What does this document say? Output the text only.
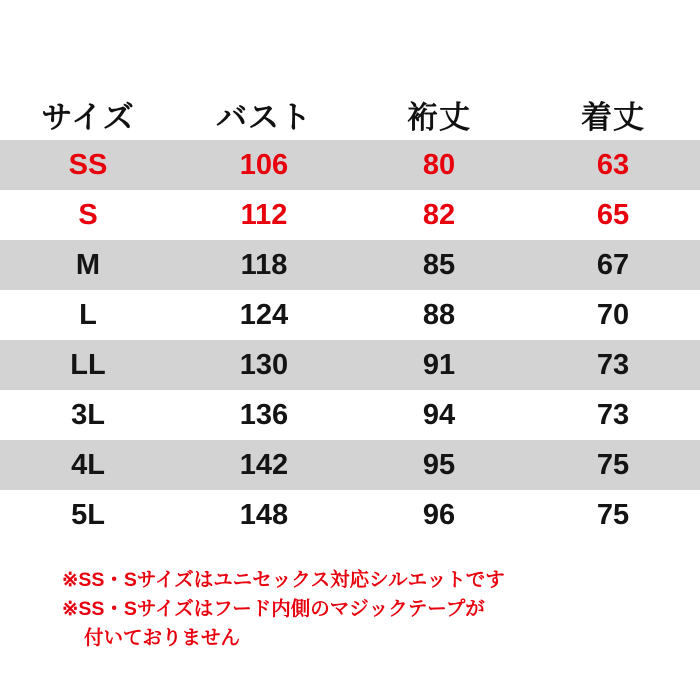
サイズ	バスト	裄丈	着丈
SS	106	80	63
S	112	82	65
M	118	85	67
L	124	88	70
LL	130	91	73
3L	136	94	73
4L	142	95	75
5L	148	96	75
※SS・Sサイズはユニセックス対応シルエットです
※SS・Sサイズはフード内側のマジックテープが
付いておりません
